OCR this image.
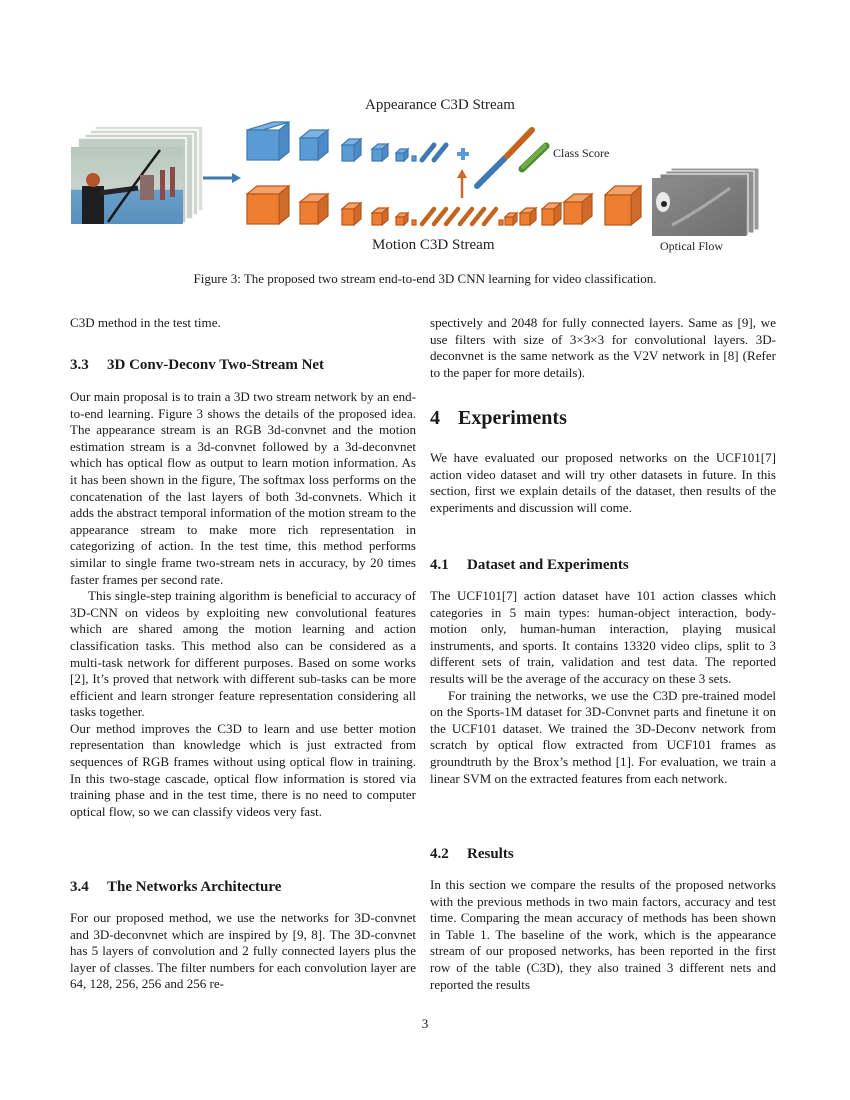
Appearance C3D Stream
Class Score
Motion C3D Stream	Optical Flow
Figure 3: The proposed two stream end-to-end 3D CNN learning for video classification.

C3D method in the test time.

3.3 3D Conv-Deconv Two-Stream Net

Our main proposal is to train a 3D two stream network by an end-to-end learning. Figure 3 shows the details of the proposed idea. The appearance stream is an RGB 3d-convnet and the motion estimation stream is a 3d-convnet followed by a 3d-deconvnet which has optical flow as output to learn motion information. As it has been shown in the figure, The softmax loss performs on the concatenation of the last layers of both 3d-convnets. Which it adds the abstract temporal information of the motion stream to the appearance stream to make more rich representation in categorizing of action. In the test time, this method performs similar to single frame two-stream nets in accuracy, by 20 times faster frames per second rate.

This single-step training algorithm is beneficial to accuracy of 3D-CNN on videos by exploiting new convolutional features which are shared among the motion learning and action classification tasks. This method also can be considered as a multi-task network for different purposes. Based on some works [2], It’s proved that network with different sub-tasks can be more efficient and learn stronger feature representation considering all tasks together.

Our method improves the C3D to learn and use better motion representation than knowledge which is just extracted from sequences of RGB frames without using optical flow in training. In this two-stage cascade, optical flow information is stored via training phase and in the test time, there is no need to computer optical flow, so we can classify videos very fast.

3.4 The Networks Architecture

For our proposed method, we use the networks for 3D-convnet and 3D-deconvnet which are inspired by [9, 8]. The 3D-convnet has 5 layers of convolution and 2 fully connected layers plus the layer of classes. The filter numbers for each convolution layer are 64, 128, 256, 256 and 256 re-

spectively and 2048 for fully connected layers. Same as [9], we use filters with size of 3×3×3 for convolutional layers. 3D-deconvnet is the same network as the V2V network in [8] (Refer to the paper for more details).

4 Experiments

We have evaluated our proposed networks on the UCF101[7] action video dataset and will try other datasets in future. In this section, first we explain details of the dataset, then results of the experiments and discussion will come.

4.1 Dataset and Experiments

The UCF101[7] action dataset have 101 action classes which categories in 5 main types: human-object interaction, body-motion only, human-human interaction, playing musical instruments, and sports. It contains 13320 video clips, split to 3 different sets of train, validation and test data. The reported results will be the average of the accuracy on these 3 sets.

For training the networks, we use the C3D pre-trained model on the Sports-1M dataset for 3D-Convnet parts and finetune it on the UCF101 dataset. We trained the 3D-Deconv network from scratch by optical flow extracted from UCF101 frames as groundtruth by the Brox’s method [1]. For evaluation, we train a linear SVM on the extracted features from each network.

4.2 Results

In this section we compare the results of the proposed networks with the previous methods in two main factors, accuracy and test time. Comparing the mean accuracy of methods has been shown in Table 1. The baseline of the work, which is the appearance stream of our proposed networks, has been reported in the first row of the table (C3D), they also trained 3 different nets and reported the results

3
